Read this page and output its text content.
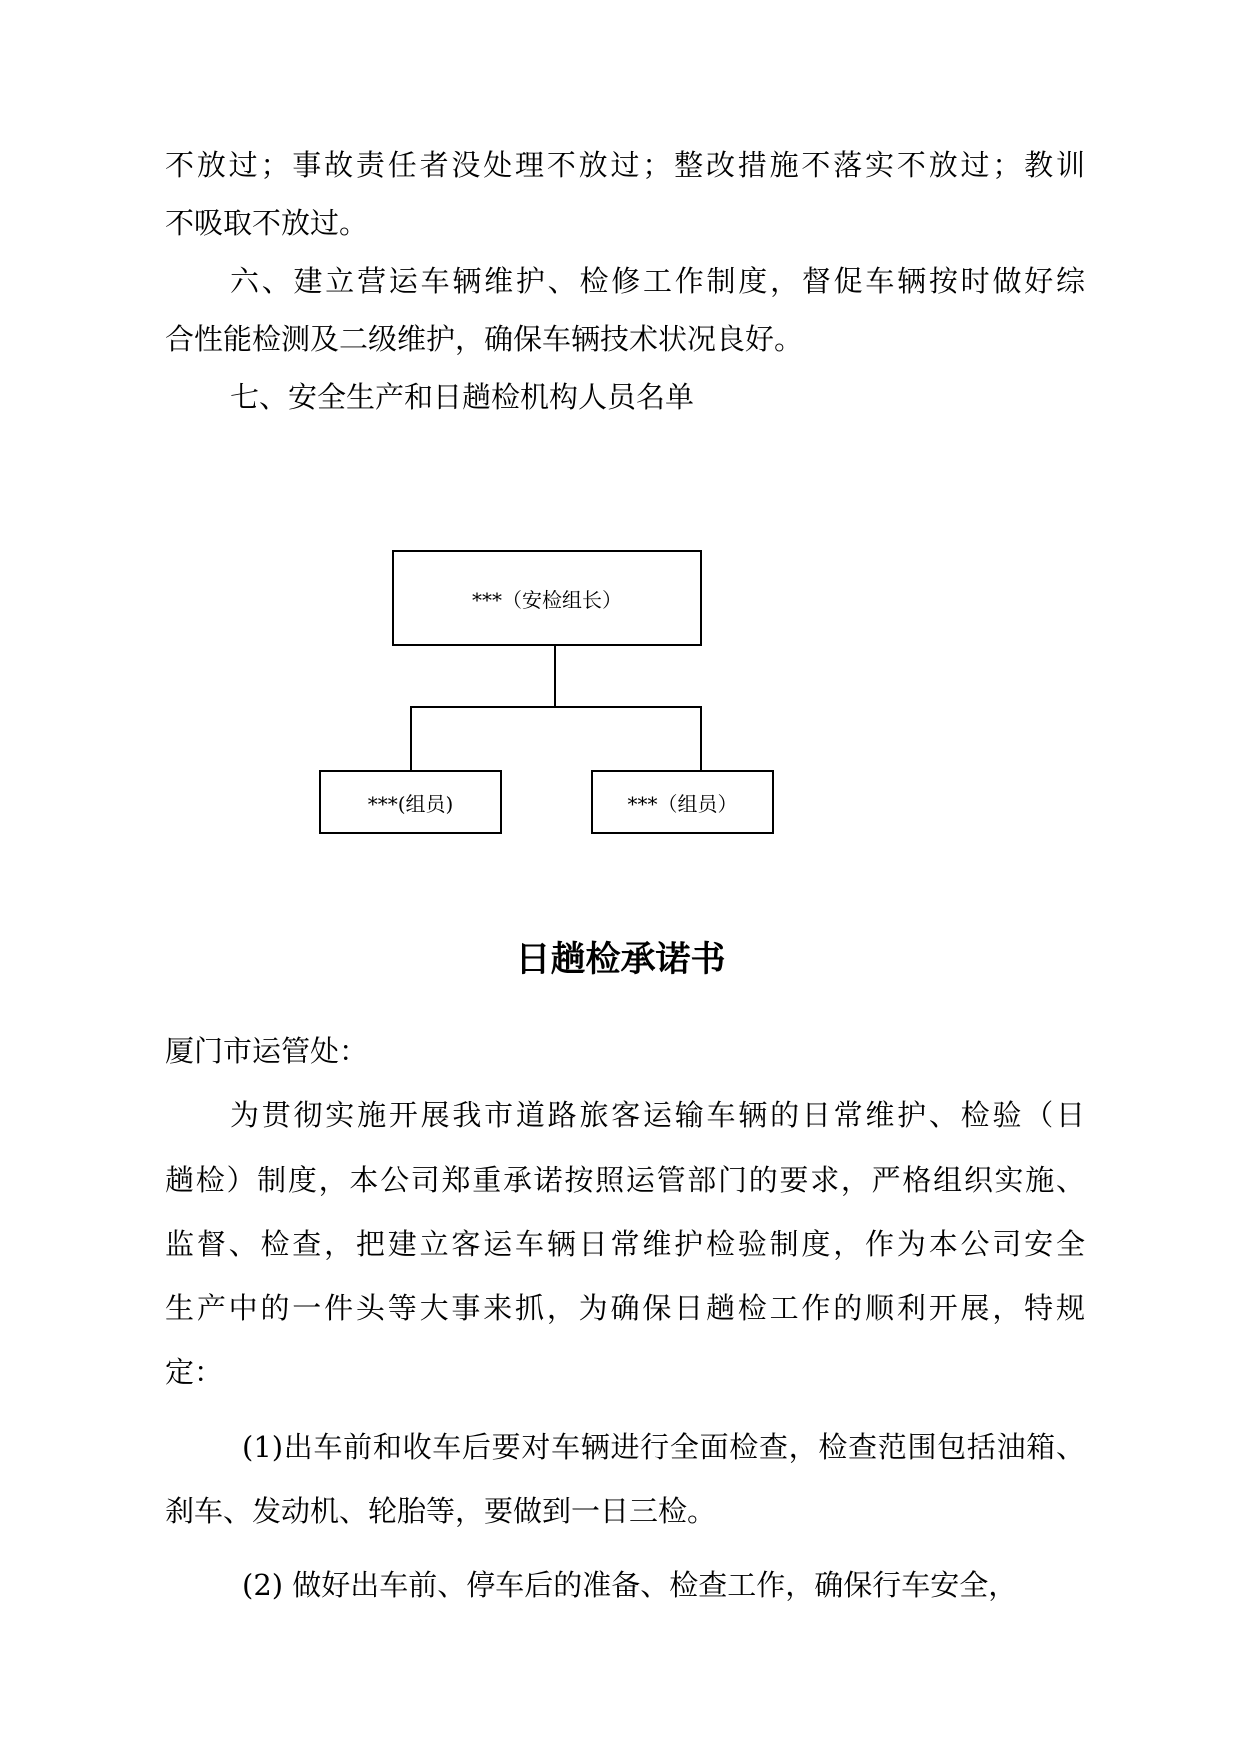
不放过；事故责任者没处理不放过；整改措施不落实不放过；教训

不吸取不放过。

六、建立营运车辆维护、检修工作制度，督促车辆按时做好综

合性能检测及二级维护，确保车辆技术状况良好。

七、安全生产和日趟检机构人员名单

***（安检组长）
***(组员)	***（组员）
日趟检承诺书

厦门市运管处：

为贯彻实施开展我市道路旅客运输车辆的日常维护、检验（日

趟检）制度，本公司郑重承诺按照运管部门的要求，严格组织实施、

监督、检查，把建立客运车辆日常维护检验制度，作为本公司安全

生产中的一件头等大事来抓，为确保日趟检工作的顺利开展，特规

定：

(1)出车前和收车后要对车辆进行全面检查，检查范围包括油箱、

刹车、发动机、轮胎等，要做到一日三检。

(2) 做好出车前、停车后的准备、检查工作，确保行车安全，
